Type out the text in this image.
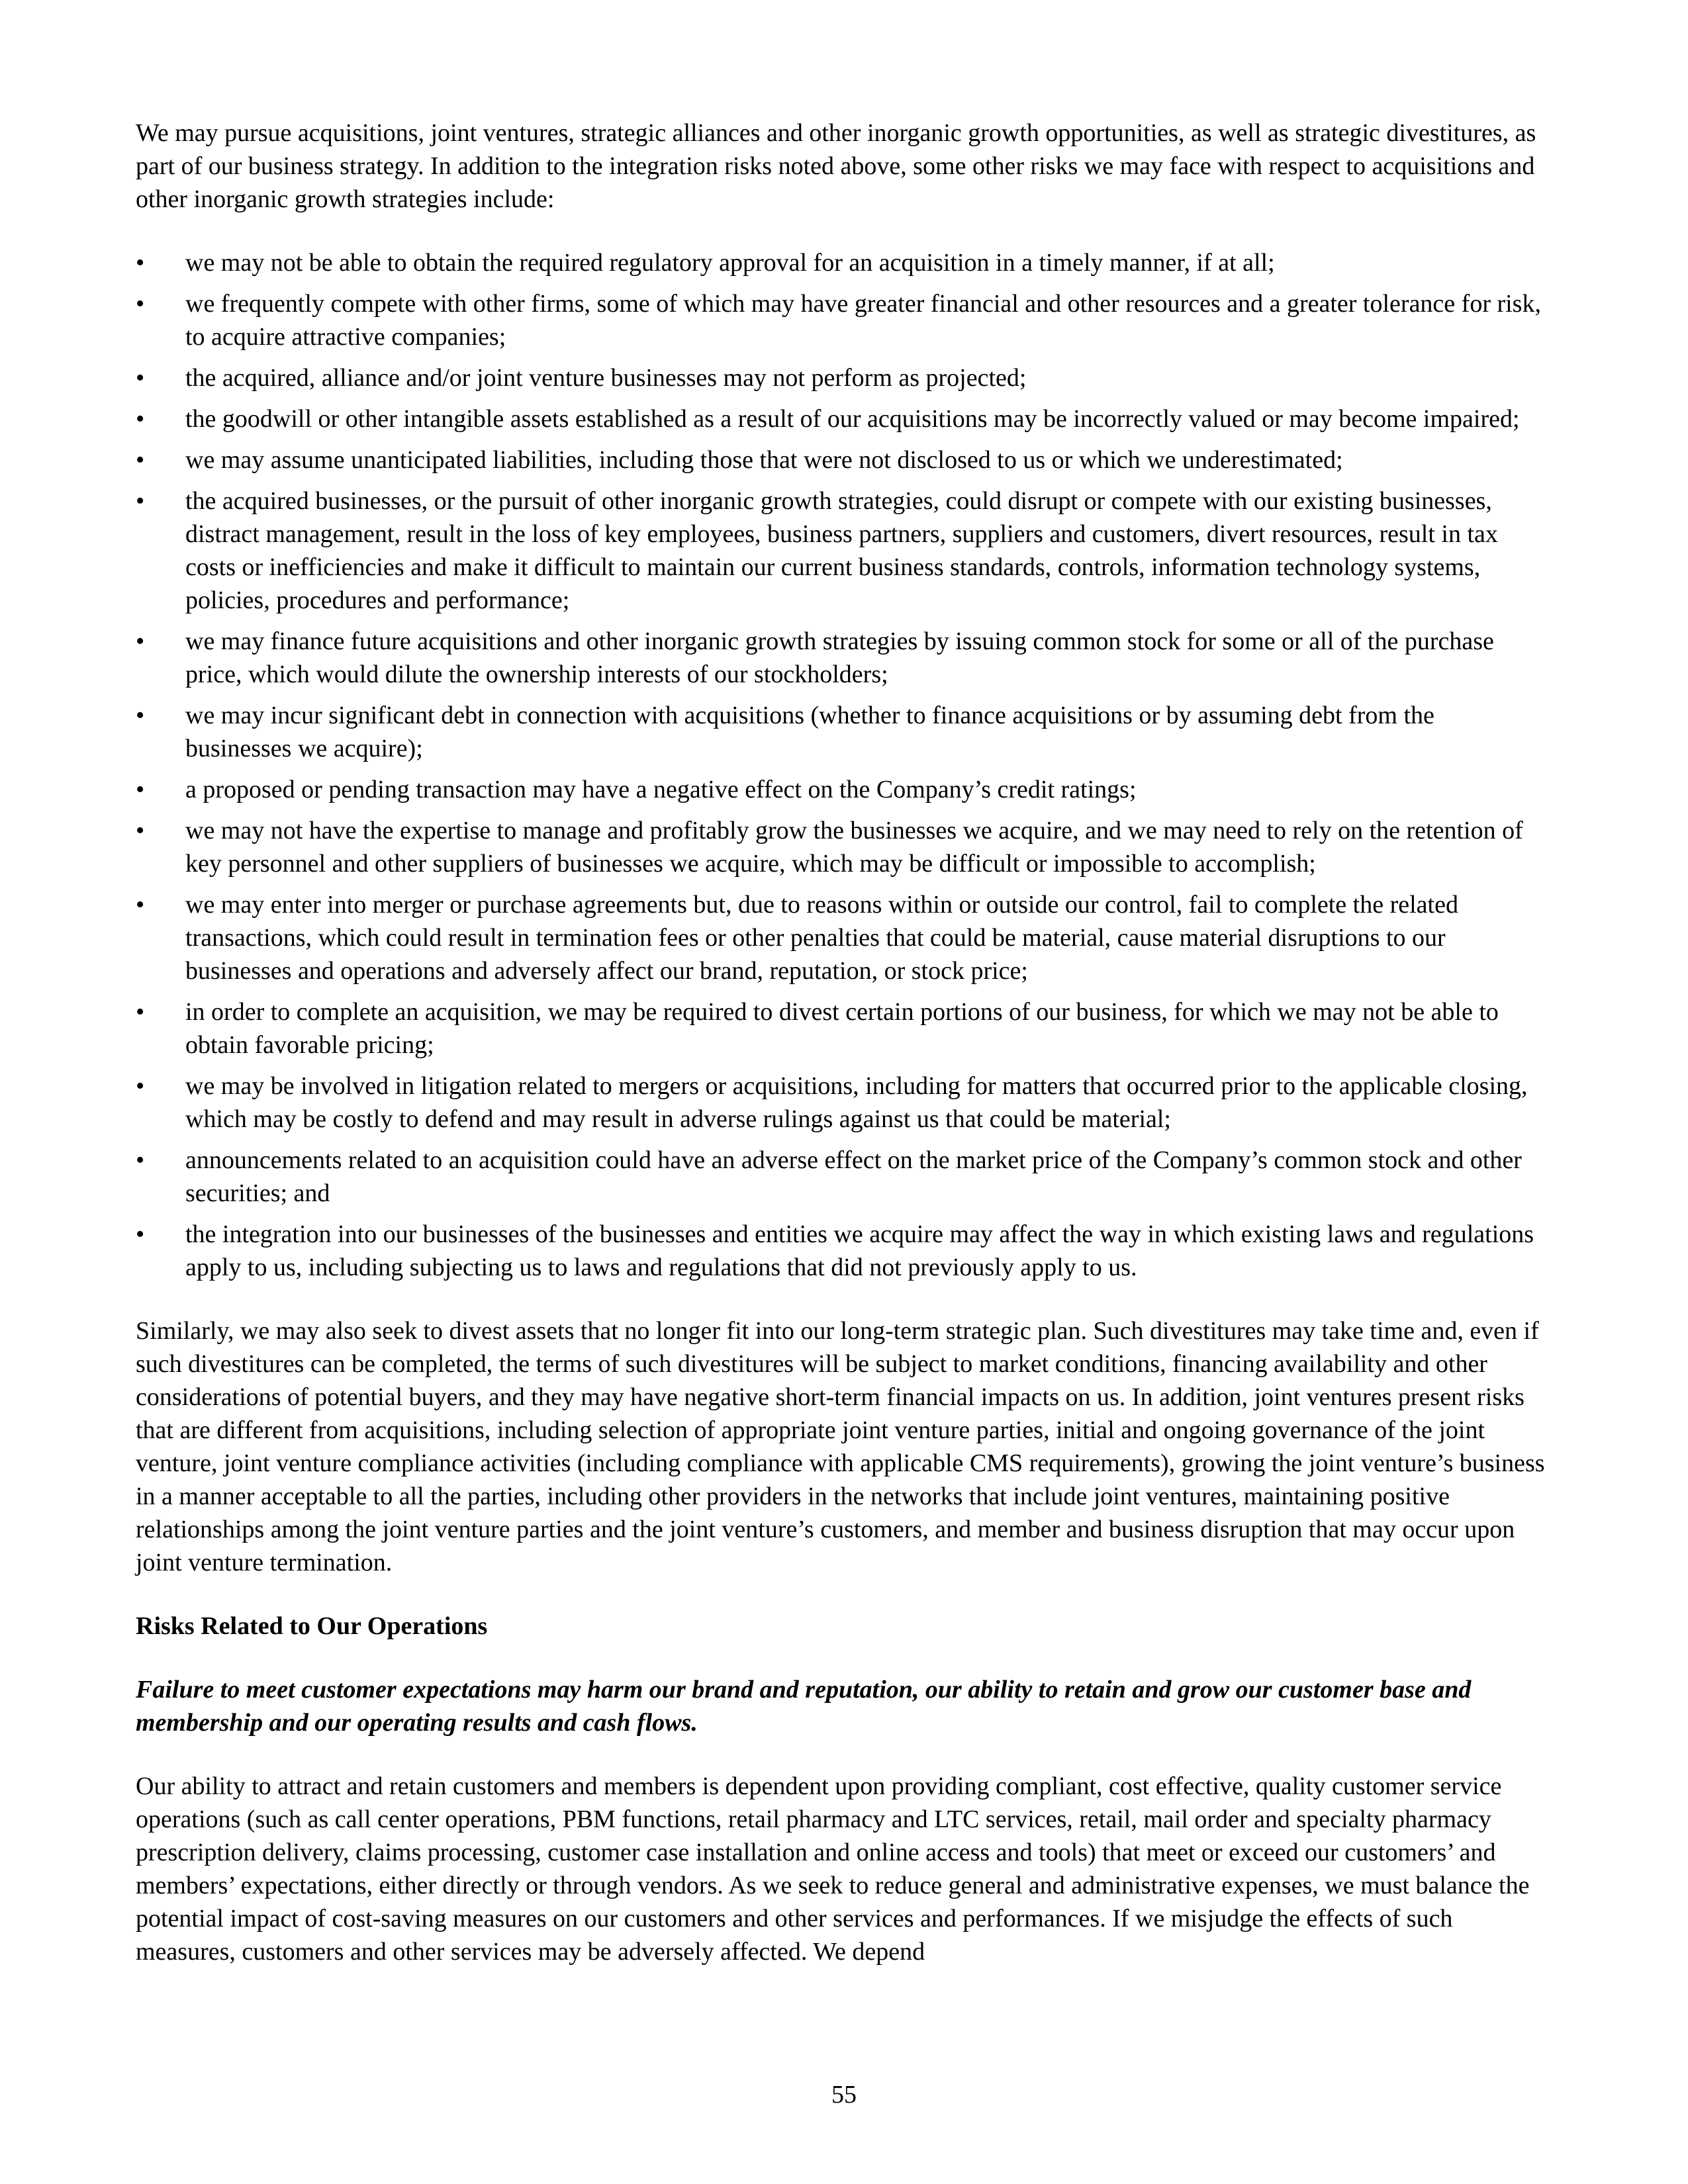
We may pursue acquisitions, joint ventures, strategic alliances and other inorganic growth opportunities, as well as strategic divestitures, as part of our business strategy. In addition to the integration risks noted above, some other risks we may face with respect to acquisitions and other inorganic growth strategies include:

• we may not be able to obtain the required regulatory approval for an acquisition in a timely manner, if at all;
• we frequently compete with other firms, some of which may have greater financial and other resources and a greater tolerance for risk, to acquire attractive companies;
• the acquired, alliance and/or joint venture businesses may not perform as projected;
• the goodwill or other intangible assets established as a result of our acquisitions may be incorrectly valued or may become impaired;
• we may assume unanticipated liabilities, including those that were not disclosed to us or which we underestimated;
• the acquired businesses, or the pursuit of other inorganic growth strategies, could disrupt or compete with our existing businesses, distract management, result in the loss of key employees, business partners, suppliers and customers, divert resources, result in tax costs or inefficiencies and make it difficult to maintain our current business standards, controls, information technology systems, policies, procedures and performance;
• we may finance future acquisitions and other inorganic growth strategies by issuing common stock for some or all of the purchase price, which would dilute the ownership interests of our stockholders;
• we may incur significant debt in connection with acquisitions (whether to finance acquisitions or by assuming debt from the businesses we acquire);
• a proposed or pending transaction may have a negative effect on the Company’s credit ratings;
• we may not have the expertise to manage and profitably grow the businesses we acquire, and we may need to rely on the retention of key personnel and other suppliers of businesses we acquire, which may be difficult or impossible to accomplish;
• we may enter into merger or purchase agreements but, due to reasons within or outside our control, fail to complete the related transactions, which could result in termination fees or other penalties that could be material, cause material disruptions to our businesses and operations and adversely affect our brand, reputation, or stock price;
• in order to complete an acquisition, we may be required to divest certain portions of our business, for which we may not be able to obtain favorable pricing;
• we may be involved in litigation related to mergers or acquisitions, including for matters that occurred prior to the applicable closing, which may be costly to defend and may result in adverse rulings against us that could be material;
• announcements related to an acquisition could have an adverse effect on the market price of the Company’s common stock and other securities; and
• the integration into our businesses of the businesses and entities we acquire may affect the way in which existing laws and regulations apply to us, including subjecting us to laws and regulations that did not previously apply to us.

Similarly, we may also seek to divest assets that no longer fit into our long-term strategic plan. Such divestitures may take time and, even if such divestitures can be completed, the terms of such divestitures will be subject to market conditions, financing availability and other considerations of potential buyers, and they may have negative short-term financial impacts on us. In addition, joint ventures present risks that are different from acquisitions, including selection of appropriate joint venture parties, initial and ongoing governance of the joint venture, joint venture compliance activities (including compliance with applicable CMS requirements), growing the joint venture’s business in a manner acceptable to all the parties, including other providers in the networks that include joint ventures, maintaining positive relationships among the joint venture parties and the joint venture’s customers, and member and business disruption that may occur upon joint venture termination.

Risks Related to Our Operations

Failure to meet customer expectations may harm our brand and reputation, our ability to retain and grow our customer base and membership and our operating results and cash flows.

Our ability to attract and retain customers and members is dependent upon providing compliant, cost effective, quality customer service operations (such as call center operations, PBM functions, retail pharmacy and LTC services, retail, mail order and specialty pharmacy prescription delivery, claims processing, customer case installation and online access and tools) that meet or exceed our customers’ and members’ expectations, either directly or through vendors. As we seek to reduce general and administrative expenses, we must balance the potential impact of cost-saving measures on our customers and other services and performances. If we misjudge the effects of such measures, customers and other services may be adversely affected. We depend

55
